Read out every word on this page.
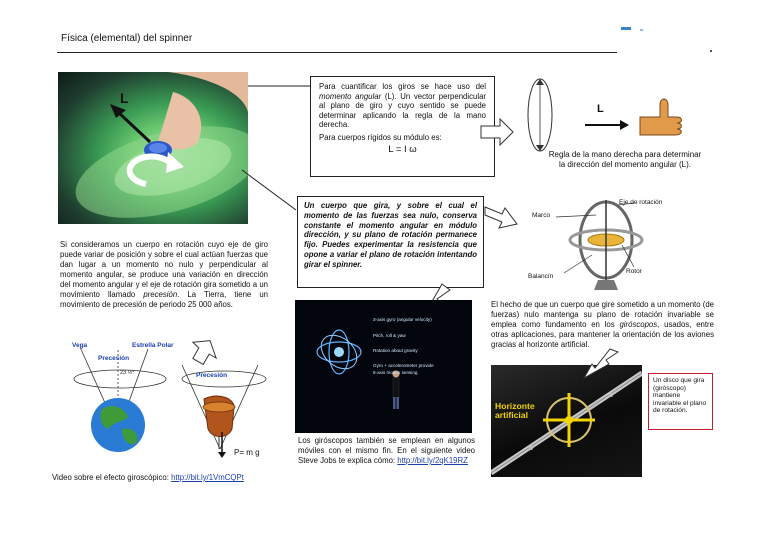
Física (elemental) del spinner
L
Para cuantificar los giros se hace uso del momento angular (L). Un vector perpendicular al plano de giro y cuyo sentido se puede determinar aplicando la regla de la mano derecha.
Para cuerpos rígidos su módulo es:
L = I ω
L
Regla de la mano derecha para determinar la dirección del momento angular (L).
Un cuerpo que gira, y sobre el cual el momento de las fuerzas sea nulo, conserva constante el momento angular en módulo dirección, y su plano de rotación permanece fijo. Puedes experimentar la resistencia que opone a variar el plano de rotación intentando girar el spinner.
Marco
Eje de rotación
Balancín
Rotor
Si consideramos un cuerpo en rotación cuyo eje de giro puede variar de posición y sobre el cual actúan fuerzas que dan lugar a un momento no nulo y perpendicular al momento angular, se produce una variación en dirección del momento angular y el eje de rotación gira sometido a un movimiento llamado precesión. La Tierra, tiene un movimiento de precesión de periodo 25 000 años.
Vega	Estrella Polar
Precesión
23 ½°	Precesión
P= m g
Video sobre el efecto giroscópico: http://bit.ly/1VmCQPt
3-axis gyro (angular velocity)
Pitch, roll & yaw
Rotation about gravity
Gyro + accelerometer provide
6-axis motion sensing
Los giróscopos también se emplean en algunos móviles con el mismo fin. En el siguiente video Steve Jobs te explica cómo: http://bit.ly/2qK19RZ
El hecho de que un cuerpo que gire sometido a un momento (de fuerzas) nulo mantenga su plano de rotación invariable se emplea como fundamento en los giróscopos, usados, entre otras aplicaciones, para mantener la orientación de los aviones gracias al horizonte artificial.
Horizonte artificial
Un disco que gira (giróscopo) mantiene invariable el plano de rotación.
